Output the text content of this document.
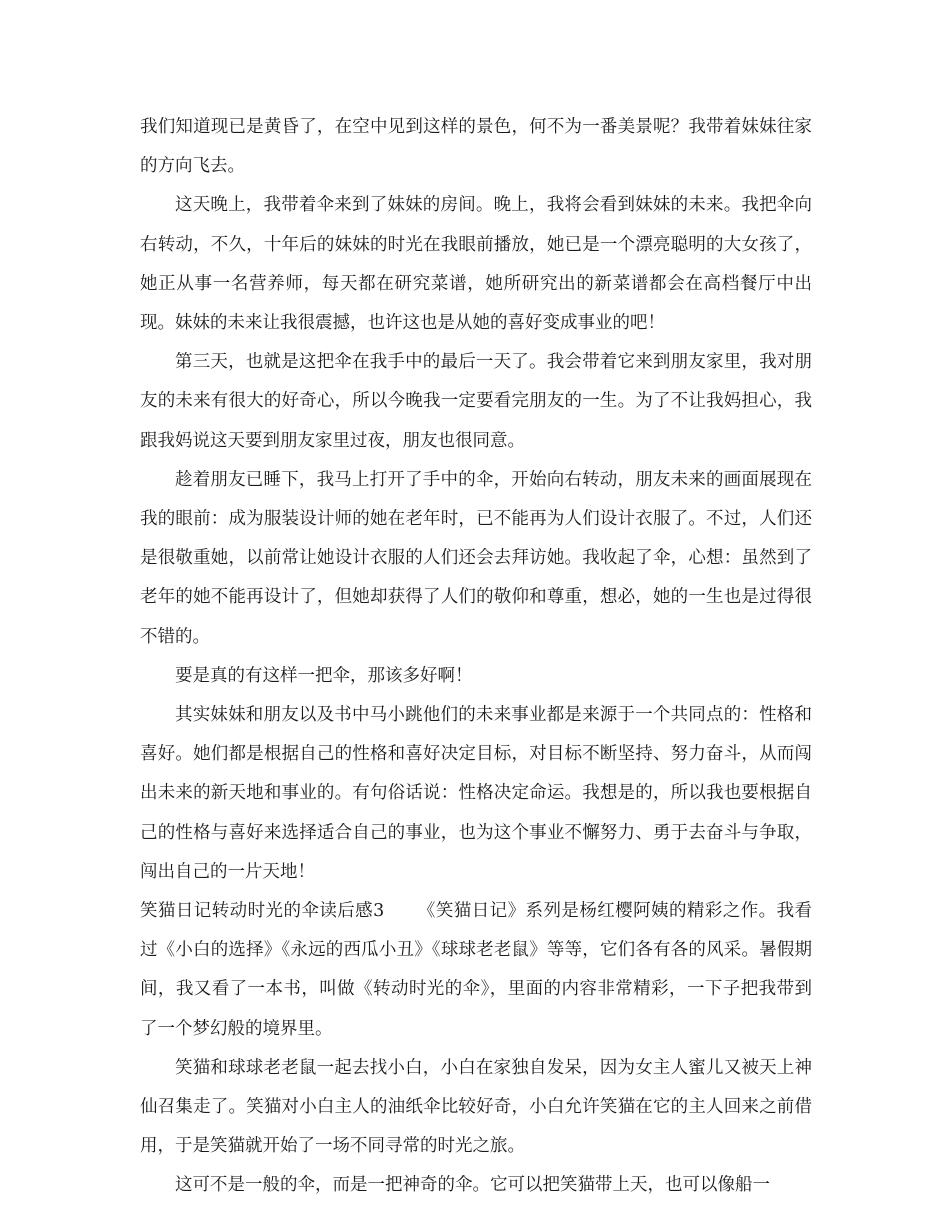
我们知道现已是黄昏了，在空中见到这样的景色，何不为一番美景呢？我带着妹妹往家的方向飞去。

这天晚上，我带着伞来到了妹妹的房间。晚上，我将会看到妹妹的未来。我把伞向右转动，不久，十年后的妹妹的时光在我眼前播放，她已是一个漂亮聪明的大女孩了，她正从事一名营养师，每天都在研究菜谱，她所研究出的新菜谱都会在高档餐厅中出现。妹妹的未来让我很震撼，也许这也是从她的喜好变成事业的吧！

第三天，也就是这把伞在我手中的最后一天了。我会带着它来到朋友家里，我对朋友的未来有很大的好奇心，所以今晚我一定要看完朋友的一生。为了不让我妈担心，我跟我妈说这天要到朋友家里过夜，朋友也很同意。

趁着朋友已睡下，我马上打开了手中的伞，开始向右转动，朋友未来的画面展现在我的眼前：成为服装设计师的她在老年时，已不能再为人们设计衣服了。不过，人们还是很敬重她，以前常让她设计衣服的人们还会去拜访她。我收起了伞，心想：虽然到了老年的她不能再设计了，但她却获得了人们的敬仰和尊重，想必，她的一生也是过得很不错的。

要是真的有这样一把伞，那该多好啊！

其实妹妹和朋友以及书中马小跳他们的未来事业都是来源于一个共同点的：性格和喜好。她们都是根据自己的性格和喜好决定目标，对目标不断坚持、努力奋斗，从而闯出未来的新天地和事业的。有句俗话说：性格决定命运。我想是的，所以我也要根据自己的性格与喜好来选择适合自己的事业，也为这个事业不懈努力、勇于去奋斗与争取，闯出自己的一片天地！

笑猫日记转动时光的伞读后感3 《笑猫日记》系列是杨红樱阿姨的精彩之作。我看过《小白的选择》《永远的西瓜小丑》《球球老老鼠》等等，它们各有各的风采。暑假期间，我又看了一本书，叫做《转动时光的伞》，里面的内容非常精彩，一下子把我带到了一个梦幻般的境界里。

笑猫和球球老老鼠一起去找小白，小白在家独自发呆，因为女主人蜜儿又被天上神仙召集走了。笑猫对小白主人的油纸伞比较好奇，小白允许笑猫在它的主人回来之前借用，于是笑猫就开始了一场不同寻常的时光之旅。

这可不是一般的伞，而是一把神奇的伞。它可以把笑猫带上天，也可以像船一
